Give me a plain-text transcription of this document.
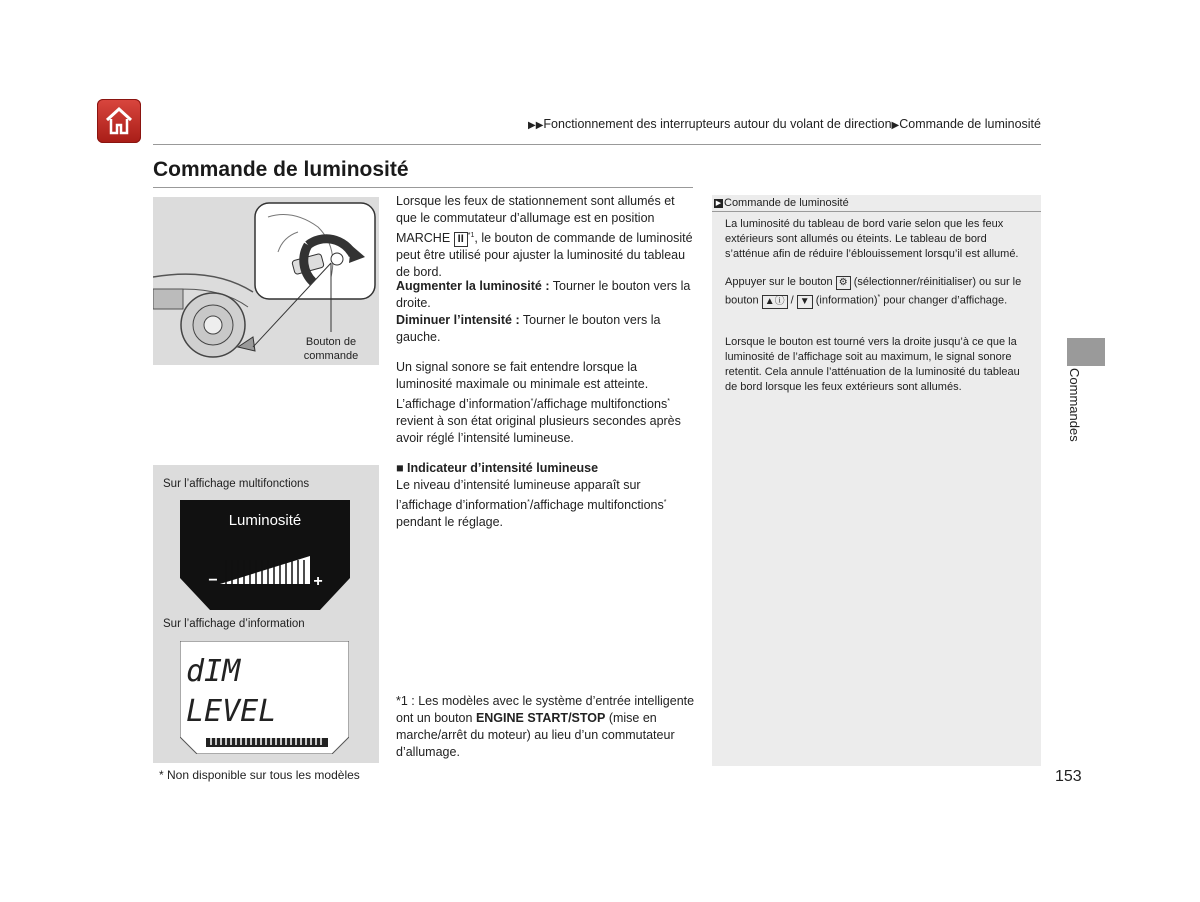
▶▶Fonctionnement des interrupteurs autour du volant de direction▶Commande de luminosité
Commande de luminosité
Bouton de
commande
Lorsque les feux de stationnement sont allumés et que le commutateur d’allumage est en position MARCHE II $^{*1}$, le bouton de commande de luminosité peut être utilisé pour ajuster la luminosité du tableau de bord.
Augmenter la luminosité : Tourner le bouton vers la droite.
Diminuer l’intensité : Tourner le bouton vers la gauche.
Un signal sonore se fait entendre lorsque la luminosité maximale ou minimale est atteinte. L’affichage d’information*/affichage multifonctions* revient à son état original plusieurs secondes après avoir réglé l’intensité lumineuse.
■ Indicateur d’intensité lumineuse
Le niveau d’intensité lumineuse apparaît sur l’affichage d’information*/affichage multifonctions* pendant le réglage.
*1 : Les modèles avec le système d’entrée intelligente ont un bouton ENGINE START/STOP (mise en marche/arrêt du moteur) au lieu d’un commutateur d’allumage.
Sur l’affichage multifonctions
Luminosité
−	+
Sur l’affichage d’information
dIM
LEVEL
* Non disponible sur tous les modèles
▶ Commande de luminosité
La luminosité du tableau de bord varie selon que les feux extérieurs sont allumés ou éteints. Le tableau de bord s’atténue afin de réduire l’éblouissement lorsqu’il est allumé.
Appuyer sur le bouton ⚙ (sélectionner/réinitialiser) ou sur le bouton ▲ⓘ / ▼ (information)* pour changer d’affichage.
Lorsque le bouton est tourné vers la droite jusqu’à ce que la luminosité de l’affichage soit au maximum, le signal sonore retentit. Cela annule l’atténuation de la luminosité du tableau de bord lorsque les feux extérieurs sont allumés.	Commandes
153
